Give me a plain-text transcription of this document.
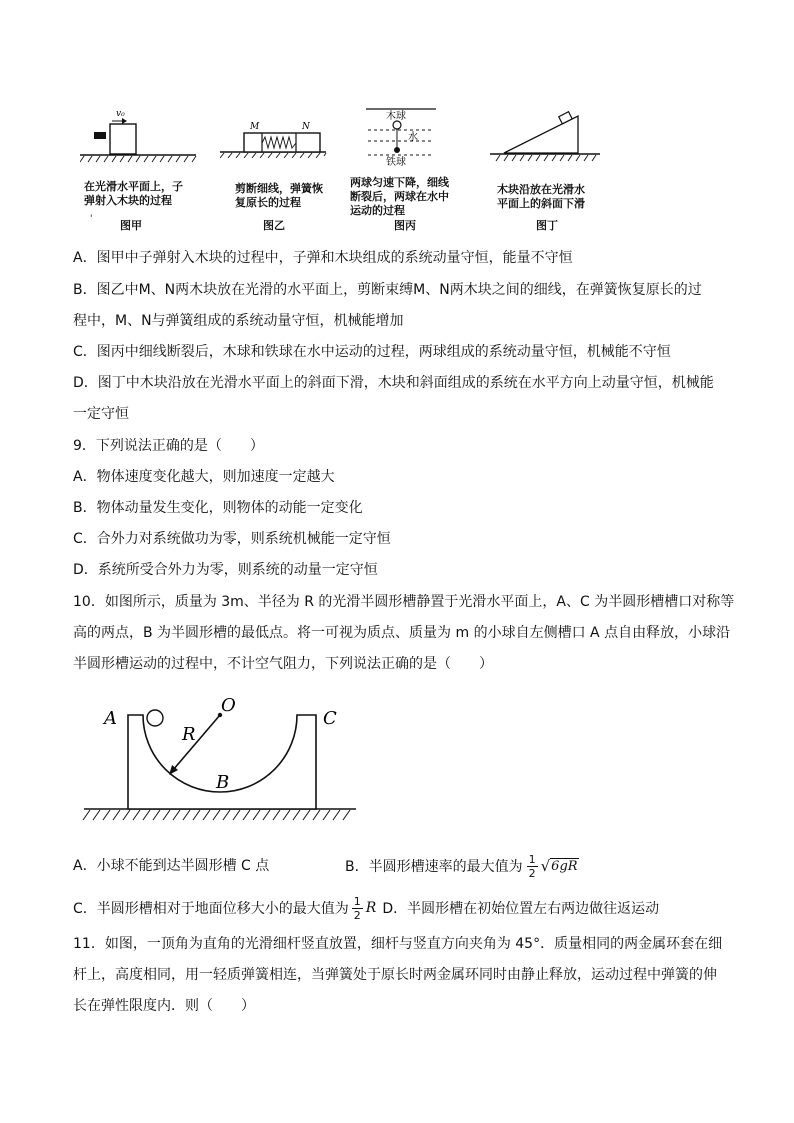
v₀
M	N
木球
水
铁球
在光滑水平面上，子
弹射入木块的过程
图甲
'
剪断细线，弹簧恢
复原长的过程
图乙
两球匀速下降，细线
断裂后，两球在水中
运动的过程
图丙
木块沿放在光滑水
平面上的斜面下滑
图丁
A．图甲中子弹射入木块的过程中，子弹和木块组成的系统动量守恒，能量不守恒
B．图乙中M、N两木块放在光滑的水平面上，剪断束缚M、N两木块之间的细线，在弹簧恢复原长的过
程中，M、N与弹簧组成的系统动量守恒，机械能增加
C．图丙中细线断裂后，木球和铁球在水中运动的过程，两球组成的系统动量守恒，机械能不守恒
D．图丁中木块沿放在光滑水平面上的斜面下滑，木块和斜面组成的系统在水平方向上动量守恒，机械能
一定守恒
9．下列说法正确的是（　　）
A．物体速度变化越大，则加速度一定越大
B．物体动量发生变化，则物体的动能一定变化
C．合外力对系统做功为零，则系统机械能一定守恒
D．系统所受合外力为零，则系统的动量一定守恒
10．如图所示，质量为 3m、半径为 R 的光滑半圆形槽静置于光滑水平面上，A、C 为半圆形槽槽口对称等
高的两点，B 为半圆形槽的最低点。将一可视为质点、质量为 m 的小球自左侧槽口 A 点自由释放，小球沿
半圆形槽运动的过程中，不计空气阻力，下列说法正确的是（　　）
A
O
C
R
B
A．小球不能到达半圆形槽 C 点	B．半圆形槽速率的最大值为 $\frac{1}{2}$ √ 6gR
C．半圆形槽相对于地面位移大小的最大值为 $\frac{1}{2}$ R D．半圆形槽在初始位置左右两边做往返运动
11．如图，一顶角为直角的光滑细杆竖直放置，细杆与竖直方向夹角为 45°．质量相同的两金属环套在细
杆上，高度相同，用一轻质弹簧相连，当弹簧处于原长时两金属环同时由静止释放，运动过程中弹簧的伸
长在弹性限度内．则（　　）
